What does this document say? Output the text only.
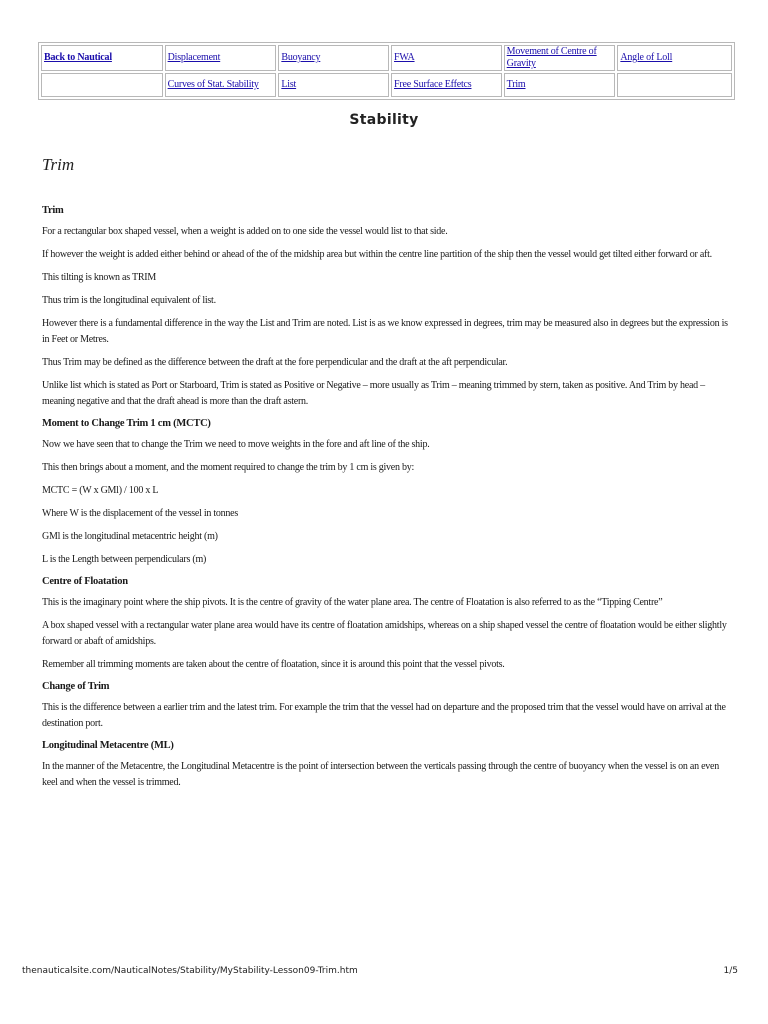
Back to Nautical	Displacement	Buoyancy	FWA	Movement of Centre of Gravity	Angle of Loll
	Curves of Stat. Stability	List	Free Surface Effetcs	Trim	
Stability
Trim
Trim

For a rectangular box shaped vessel, when a weight is added on to one side the vessel would list to that side.

If however the weight is added either behind or ahead of the of the midship area but within the centre line partition of the ship then the vessel would get tilted either forward or aft.

This tilting is known as TRIM

Thus trim is the longitudinal equivalent of list.

However there is a fundamental difference in the way the List and Trim are noted. List is as we know expressed in degrees, trim may be measured also in degrees but the expression is in Feet or Metres.

Thus Trim may be defined as the difference between the draft at the fore perpendicular and the draft at the aft perpendicular.

Unlike list which is stated as Port or Starboard, Trim is stated as Positive or Negative – more usually as Trim – meaning trimmed by stern, taken as positive. And Trim by head – meaning negative and that the draft ahead is more than the draft astern.

Moment to Change Trim 1 cm (MCTC)

Now we have seen that to change the Trim we need to move weights in the fore and aft line of the ship.

This then brings about a moment, and the moment required to change the trim by 1 cm is given by:

MCTC = (W x GMl) / 100 x L

Where W is the displacement of the vessel in tonnes

GMl is the longitudinal metacentric height (m)

L is the Length between perpendiculars (m)

Centre of Floatation

This is the imaginary point where the ship pivots. It is the centre of gravity of the water plane area. The centre of Floatation is also referred to as the “Tipping Centre”

A box shaped vessel with a rectangular water plane area would have its centre of floatation amidships, whereas on a ship shaped vessel the centre of floatation would be either slightly forward or abaft of amidships.

Remember all trimming moments are taken about the centre of floatation, since it is around this point that the vessel pivots.

Change of Trim

This is the difference between a earlier trim and the latest trim. For example the trim that the vessel had on departure and the proposed trim that the vessel would have on arrival at the destination port.

Longitudinal Metacentre (ML)

In the manner of the Metacentre, the Longitudinal Metacentre is the point of intersection between the verticals passing through the centre of buoyancy when the vessel is on an even keel and when the vessel is trimmed.

thenauticalsite.com/NauticalNotes/Stability/MyStability-Lesson09-Trim.htm	1/5
